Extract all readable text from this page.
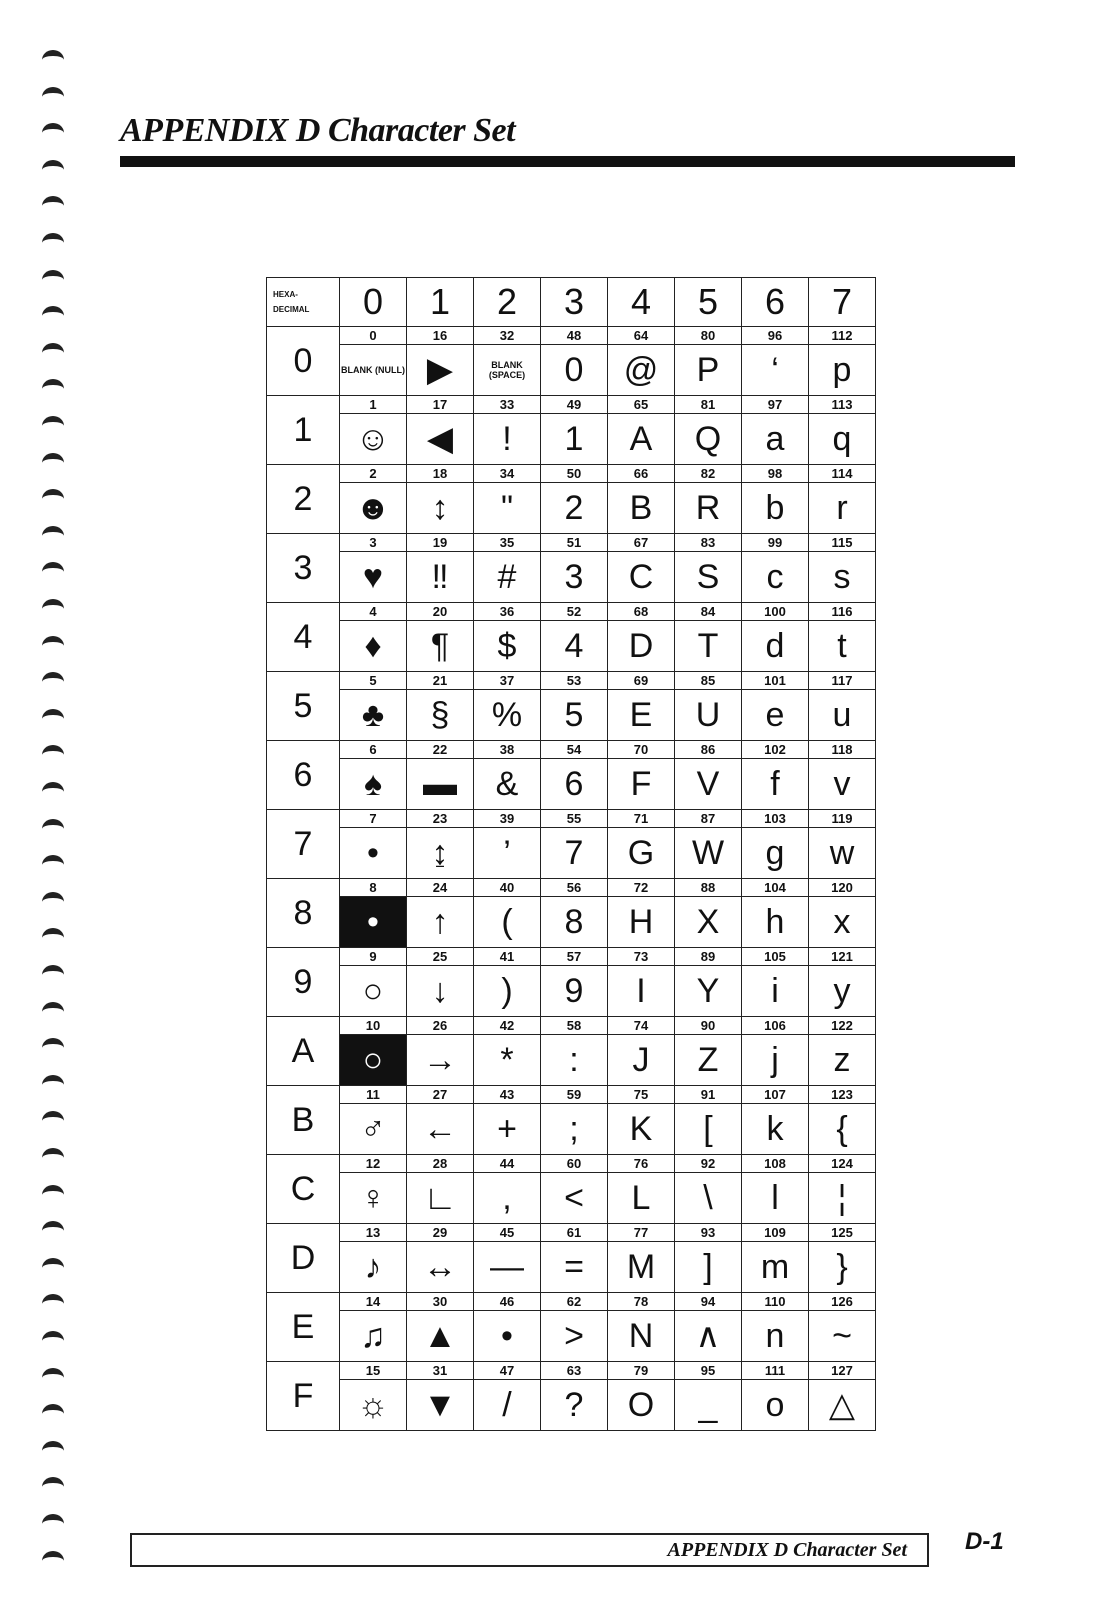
APPENDIX D Character Set
HEXA-
DECIMAL	0	1	2	3	4	5	6	7
0	0	16	32	48	64	80	96	112
	BLANK (NULL)	▶	BLANK (SPACE)	0	@	P	‘	p
1	1	17	33	49	65	81	97	113
	☺	◀	!	1	A	Q	a	q
2	2	18	34	50	66	82	98	114
	☻	↕	"	2	B	R	b	r
3	3	19	35	51	67	83	99	115
	♥	‼	#	3	C	S	c	s
4	4	20	36	52	68	84	100	116
	♦	¶	$	4	D	T	d	t
5	5	21	37	53	69	85	101	117
	♣	§	%	5	E	U	e	u
6	6	22	38	54	70	86	102	118
	♠	▬	&	6	F	V	f	v
7	7	23	39	55	71	87	103	119
	•	↨	’	7	G	W	g	w
8	8	24	40	56	72	88	104	120
	•	↑	(	8	H	X	h	x
9	9	25	41	57	73	89	105	121
	○	↓	)	9	I	Y	i	y
A	10	26	42	58	74	90	106	122
	○	→	*	:	J	Z	j	z
B	11	27	43	59	75	91	107	123
	♂	←	+	;	K	[	k	{
C	12	28	44	60	76	92	108	124
	♀	∟	,	<	L	\	l	¦
D	13	29	45	61	77	93	109	125
	♪	↔	—	=	M	]	m	}
E	14	30	46	62	78	94	110	126
	♫	▲	•	>	N	∧	n	~
F	15	31	47	63	79	95	111	127
	☼	▼	/	?	O	_	o	△
APPENDIX D Character Set D-1
